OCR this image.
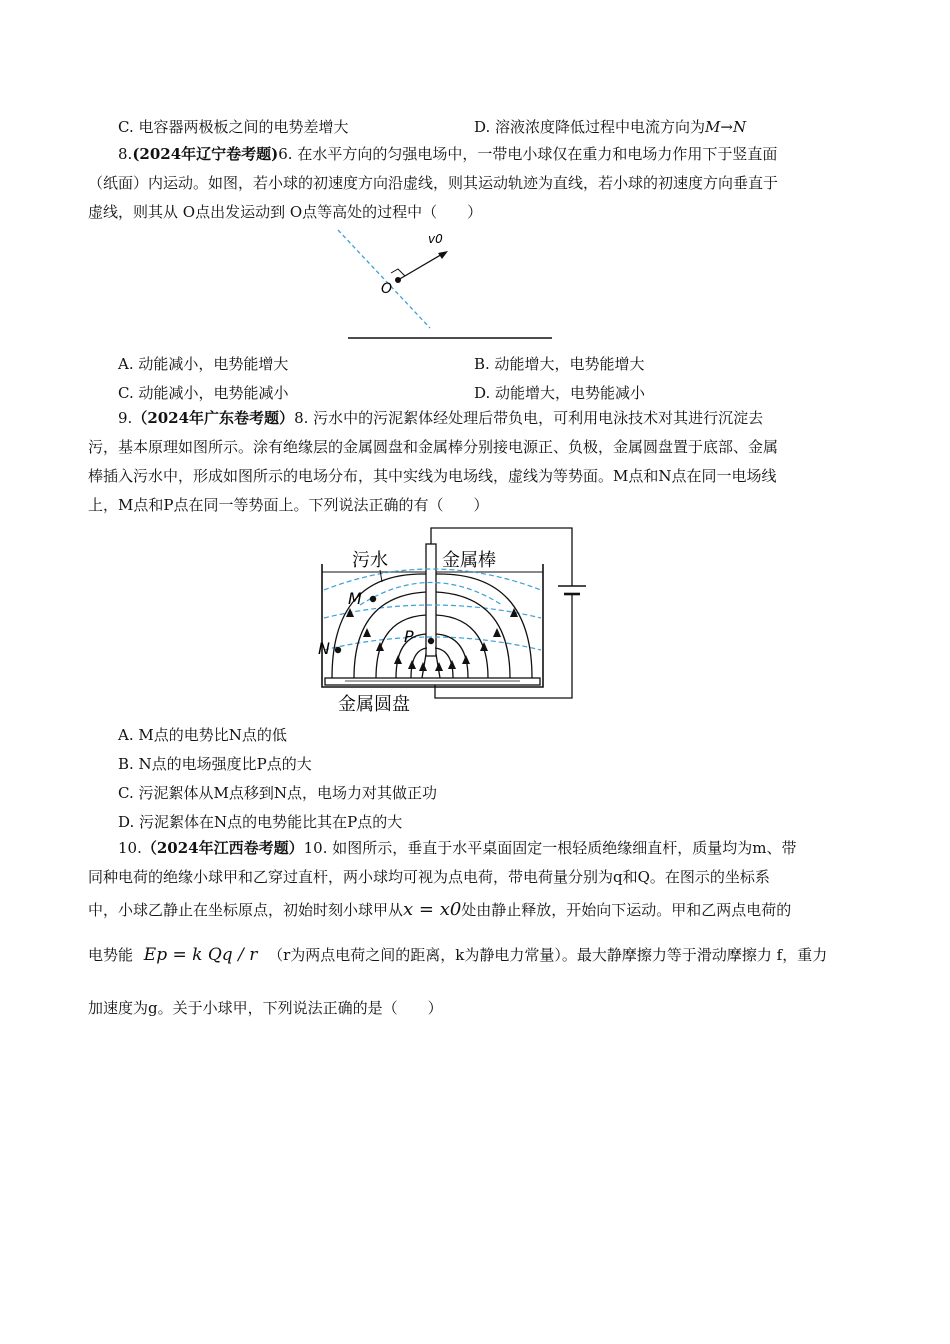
C. 电容器两极板之间的电势差增大	D. 溶液浓度降低过程中电流方向为M→N
8.(2024年辽宁卷考题)6. 在水平方向的匀强电场中，一带电小球仅在重力和电场力作用下于竖直面
（纸面）内运动。如图，若小球的初速度方向沿虚线，则其运动轨迹为直线，若小球的初速度方向垂直于
虚线，则其从 O点出发运动到 O点等高处的过程中（　　）
O
v0
A. 动能减小，电势能增大	B. 动能增大，电势能增大
C. 动能减小，电势能减小	D. 动能增大，电势能减小
9.（2024年广东卷考题）8. 污水中的污泥絮体经处理后带负电，可利用电泳技术对其进行沉淀去
污，基本原理如图所示。涂有绝缘层的金属圆盘和金属棒分别接电源正、负极，金属圆盘置于底部、金属
棒插入污水中，形成如图所示的电场分布，其中实线为电场线，虚线为等势面。M点和N点在同一电场线
上，M点和P点在同一等势面上。下列说法正确的有（　　）
M
N
P
污水	金属棒
金属圆盘
A. M点的电势比N点的低
B. N点的电场强度比P点的大
C. 污泥絮体从M点移到N点，电场力对其做正功
D. 污泥絮体在N点的电势能比其在P点的大
10.（2024年江西卷考题）10. 如图所示，垂直于水平桌面固定一根轻质绝缘细直杆，质量均为m、带
同种电荷的绝缘小球甲和乙穿过直杆，两小球均可视为点电荷，带电荷量分别为q和Q。在图示的坐标系
中，小球乙静止在坐标原点，初始时刻小球甲从x = x0处由静止释放，开始向下运动。甲和乙两点电荷的
电势能 Ep = k Qq / r （r为两点电荷之间的距离，k为静电力常量）。最大静摩擦力等于滑动摩擦力 f，重力
加速度为g。关于小球甲，下列说法正确的是（　　）
